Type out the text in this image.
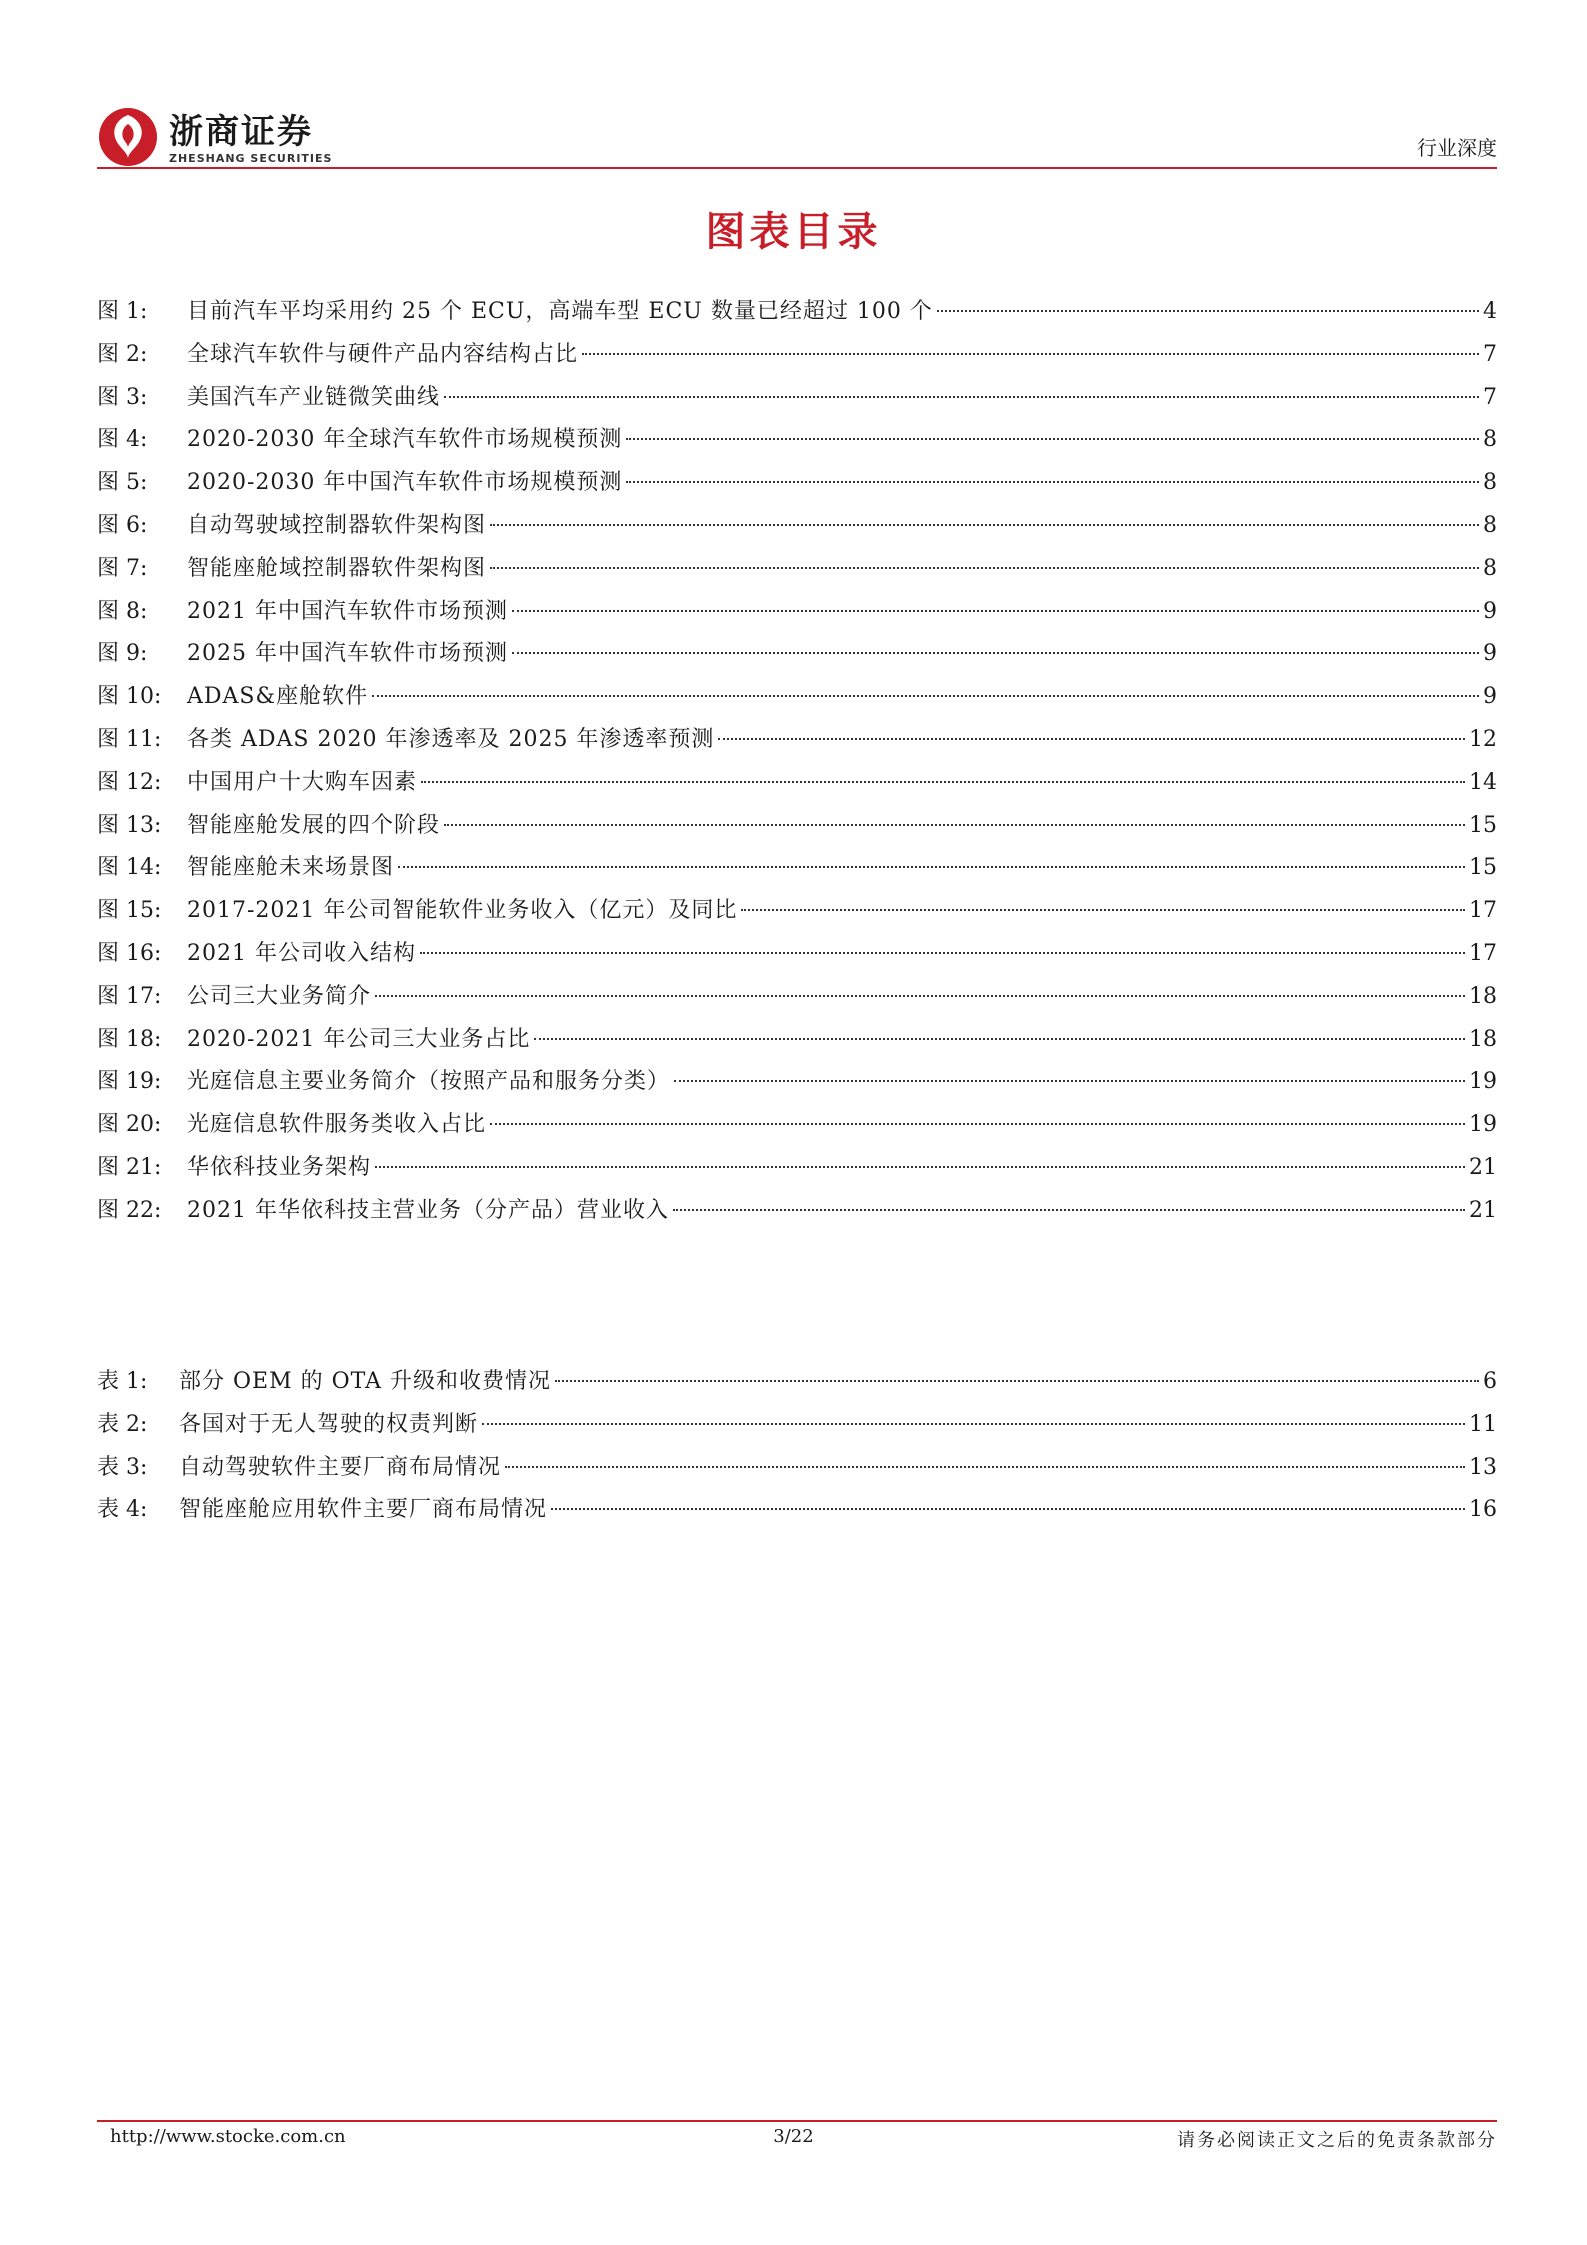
浙商证券
ZHESHANG SECURITIES	行业深度
图表目录
图 1:	目前汽车平均采用约 25 个 ECU，高端车型 ECU 数量已经超过 100 个	4
图 2:	全球汽车软件与硬件产品内容结构占比	7
图 3:	美国汽车产业链微笑曲线	7
图 4:	2020-2030 年全球汽车软件市场规模预测	8
图 5:	2020-2030 年中国汽车软件市场规模预测	8
图 6:	自动驾驶域控制器软件架构图	8
图 7:	智能座舱域控制器软件架构图	8
图 8:	2021 年中国汽车软件市场预测	9
图 9:	2025 年中国汽车软件市场预测	9
图 10:	ADAS&座舱软件	9
图 11:	各类 ADAS 2020 年渗透率及 2025 年渗透率预测	12
图 12:	中国用户十大购车因素	14
图 13:	智能座舱发展的四个阶段	15
图 14:	智能座舱未来场景图	15
图 15:	2017-2021 年公司智能软件业务收入（亿元）及同比	17
图 16:	2021 年公司收入结构	17
图 17:	公司三大业务简介	18
图 18:	2020-2021 年公司三大业务占比	18
图 19:	光庭信息主要业务简介（按照产品和服务分类）	19
图 20:	光庭信息软件服务类收入占比	19
图 21:	华依科技业务架构	21
图 22:	2021 年华依科技主营业务（分产品）营业收入	21
表 1:	部分 OEM 的 OTA 升级和收费情况	6
表 2:	各国对于无人驾驶的权责判断	11
表 3:	自动驾驶软件主要厂商布局情况	13
表 4:	智能座舱应用软件主要厂商布局情况	16
http://www.stocke.com.cn	3/22	请务必阅读正文之后的免责条款部分
